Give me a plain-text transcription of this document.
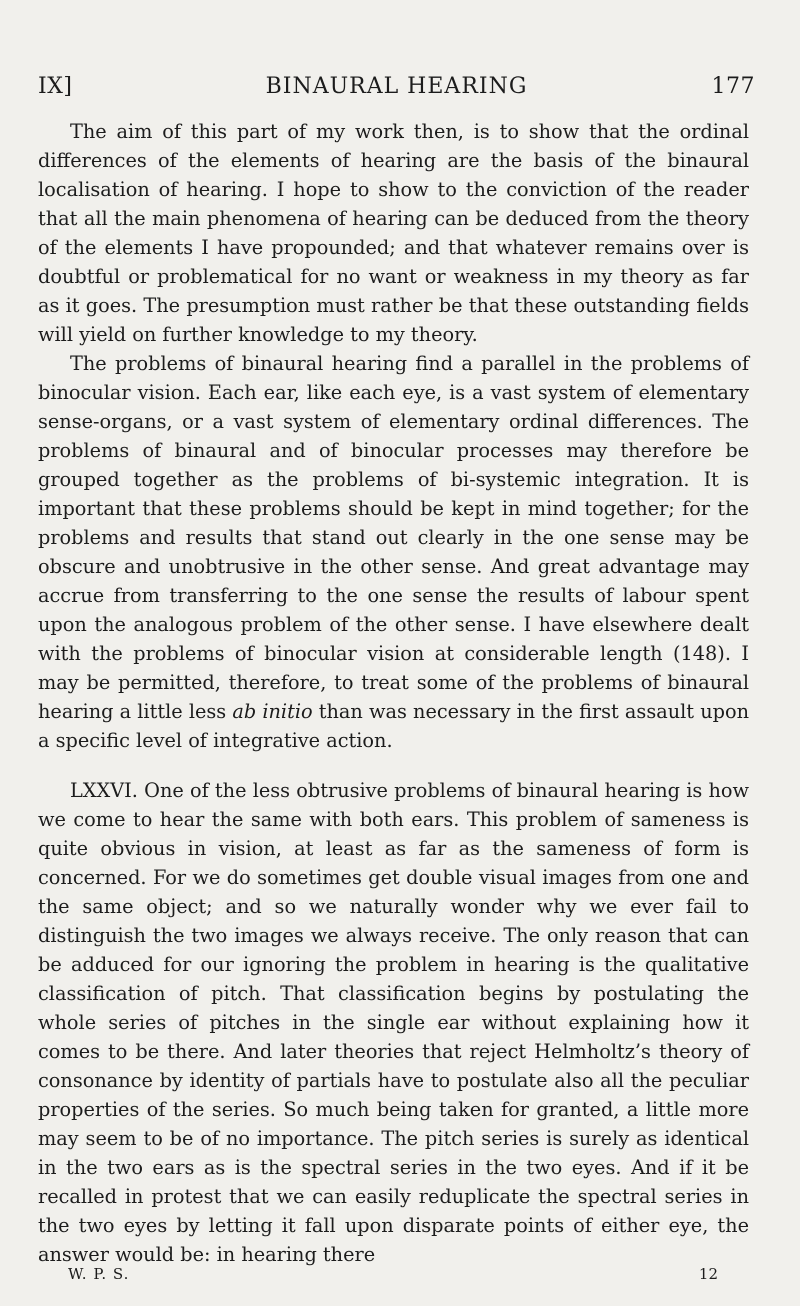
IX]	BINAURAL HEARING	177

The aim of this part of my work then, is to show that the ordinal differences of the elements of hearing are the basis of the binaural localisation of hearing. I hope to show to the conviction of the reader that all the main phenomena of hearing can be deduced from the theory of the elements I have propounded; and that whatever remains over is doubtful or problematical for no want or weakness in my theory as far as it goes. The presumption must rather be that these outstanding fields will yield on further knowledge to my theory.

The problems of binaural hearing find a parallel in the problems of binocular vision. Each ear, like each eye, is a vast system of elementary sense-organs, or a vast system of elementary ordinal differences. The problems of binaural and of binocular processes may therefore be grouped together as the problems of bi-systemic integration. It is important that these problems should be kept in mind together; for the problems and results that stand out clearly in the one sense may be obscure and unobtrusive in the other sense. And great advantage may accrue from transferring to the one sense the results of labour spent upon the analogous problem of the other sense. I have elsewhere dealt with the problems of binocular vision at considerable length (148). I may be permitted, therefore, to treat some of the problems of binaural hearing a little less ab initio than was necessary in the first assault upon a specific level of integrative action.

LXXVI. One of the less obtrusive problems of binaural hearing is how we come to hear the same with both ears. This problem of sameness is quite obvious in vision, at least as far as the sameness of form is concerned. For we do sometimes get double visual images from one and the same object; and so we naturally wonder why we ever fail to distinguish the two images we always receive. The only reason that can be adduced for our ignoring the problem in hearing is the qualitative classification of pitch. That classification begins by postulating the whole series of pitches in the single ear without explaining how it comes to be there. And later theories that reject Helmholtz’s theory of consonance by identity of partials have to postulate also all the peculiar properties of the series. So much being taken for granted, a little more may seem to be of no importance. The pitch series is surely as identical in the two ears as is the spectral series in the two eyes. And if it be recalled in protest that we can easily reduplicate the spectral series in the two eyes by letting it fall upon disparate points of either eye, the answer would be: in hearing there

W. P. S.	12
